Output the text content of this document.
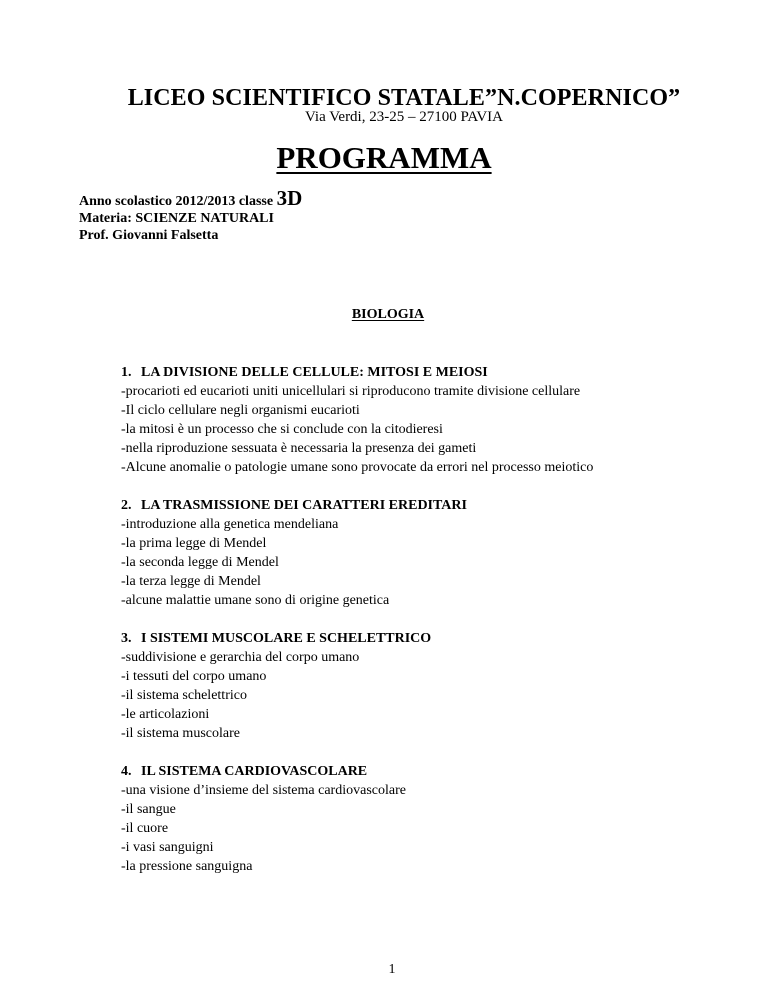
LICEO SCIENTIFICO STATALE”N.COPERNICO”
Via Verdi, 23-25 – 27100 PAVIA
PROGRAMMA
Anno scolastico 2012/2013 classe 3D
Materia: SCIENZE NATURALI
Prof. Giovanni Falsetta
BIOLOGIA
1. LA DIVISIONE DELLE CELLULE: MITOSI E MEIOSI
-procarioti ed eucarioti uniti unicellulari si riproducono tramite divisione cellulare
-Il ciclo cellulare negli organismi eucarioti
-la mitosi è un processo che si conclude con la citodieresi
-nella riproduzione sessuata è necessaria la presenza dei gameti
-Alcune anomalie o patologie umane sono provocate da errori nel processo meiotico
2. LA TRASMISSIONE DEI CARATTERI EREDITARI
-introduzione alla genetica mendeliana
-la prima legge di Mendel
-la seconda legge di Mendel
-la terza legge di Mendel
-alcune malattie umane sono di origine genetica
3. I SISTEMI MUSCOLARE E SCHELETTRICO
-suddivisione e gerarchia del corpo umano
-i tessuti del corpo umano
-il sistema schelettrico
-le articolazioni
-il sistema muscolare
4. IL SISTEMA CARDIOVASCOLARE
-una visione d’insieme del sistema cardiovascolare
-il sangue
-il cuore
-i vasi sanguigni
-la pressione sanguigna
1
